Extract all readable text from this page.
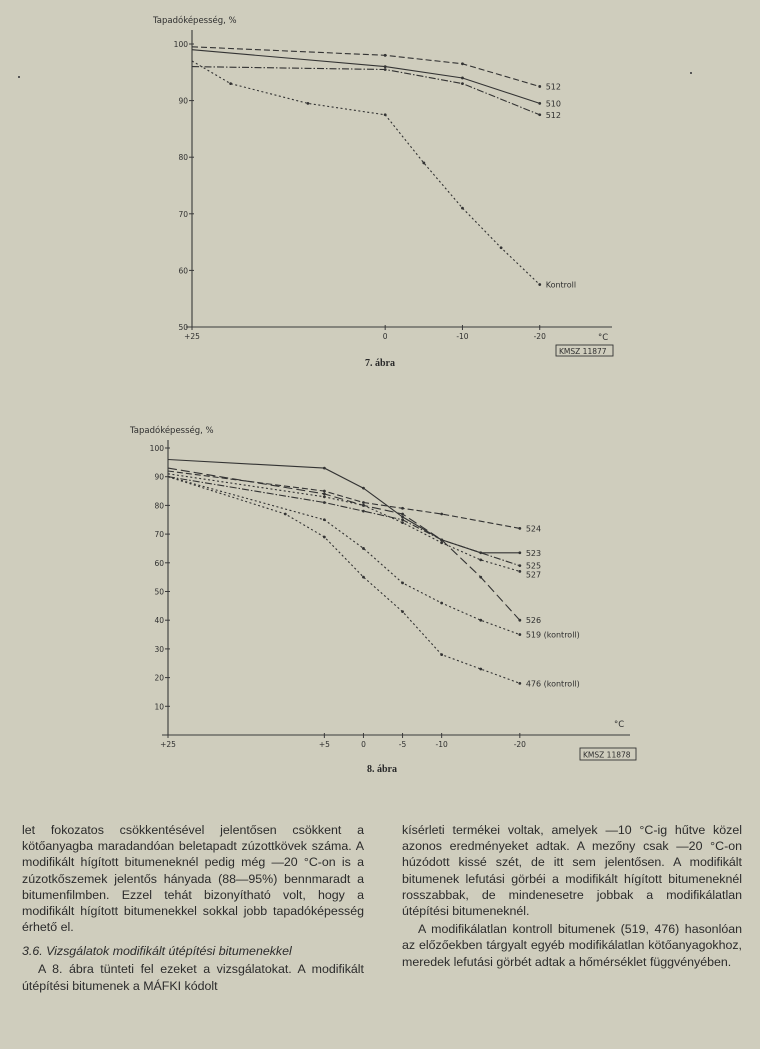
Tapadóképesség, %
50
60
70
80
90
100
+25	0	-10	-20
512
510
512
Kontroll
°C
KMSZ 11877
7. ábra
Tapadóképesség, %
10
20
30
40
50
60
70
80
90
100
+25	+5	0	-5	-10	-20
524
523
525
527
526
519 (kontroll)
476 (kontroll)
°C
KMSZ 11878
8. ábra

let fokozatos csökkentésével jelentősen csökkent a kötőanyagba maradandóan beletapadt zúzottkövek száma. A modifikált hígított bitumeneknél pedig még —20 °C-on is a zúzotkőszemek jelentős hányada (88—95%) bennmaradt a bitumenfilmben. Ezzel tehát bizonyítható volt, hogy a modifikált hígított bitumenekkel sokkal jobb tapadóképesség érhető el.

3.6. Vizsgálatok modifikált útépítési bitumenekkel

A 8. ábra tünteti fel ezeket a vizsgálatokat. A modifikált útépítési bitumenek a MÁFKI kódolt

kísérleti termékei voltak, amelyek —10 °C-ig hűtve közel azonos eredményeket adtak. A mezőny csak —20 °C-on húzódott kissé szét, de itt sem jelentősen. A modifikált bitumenek lefutási görbéi a modifikált hígított bitumeneknél rosszabbak, de mindenesetre jobbak a modifikálatlan útépítési bitumeneknél.

A modifikálatlan kontroll bitumenek (519, 476) hasonlóan az előzőekben tárgyalt egyéb modifikálatlan kötőanyagokhoz, meredek lefutási görbét adtak a hőmérséklet függvényében.
